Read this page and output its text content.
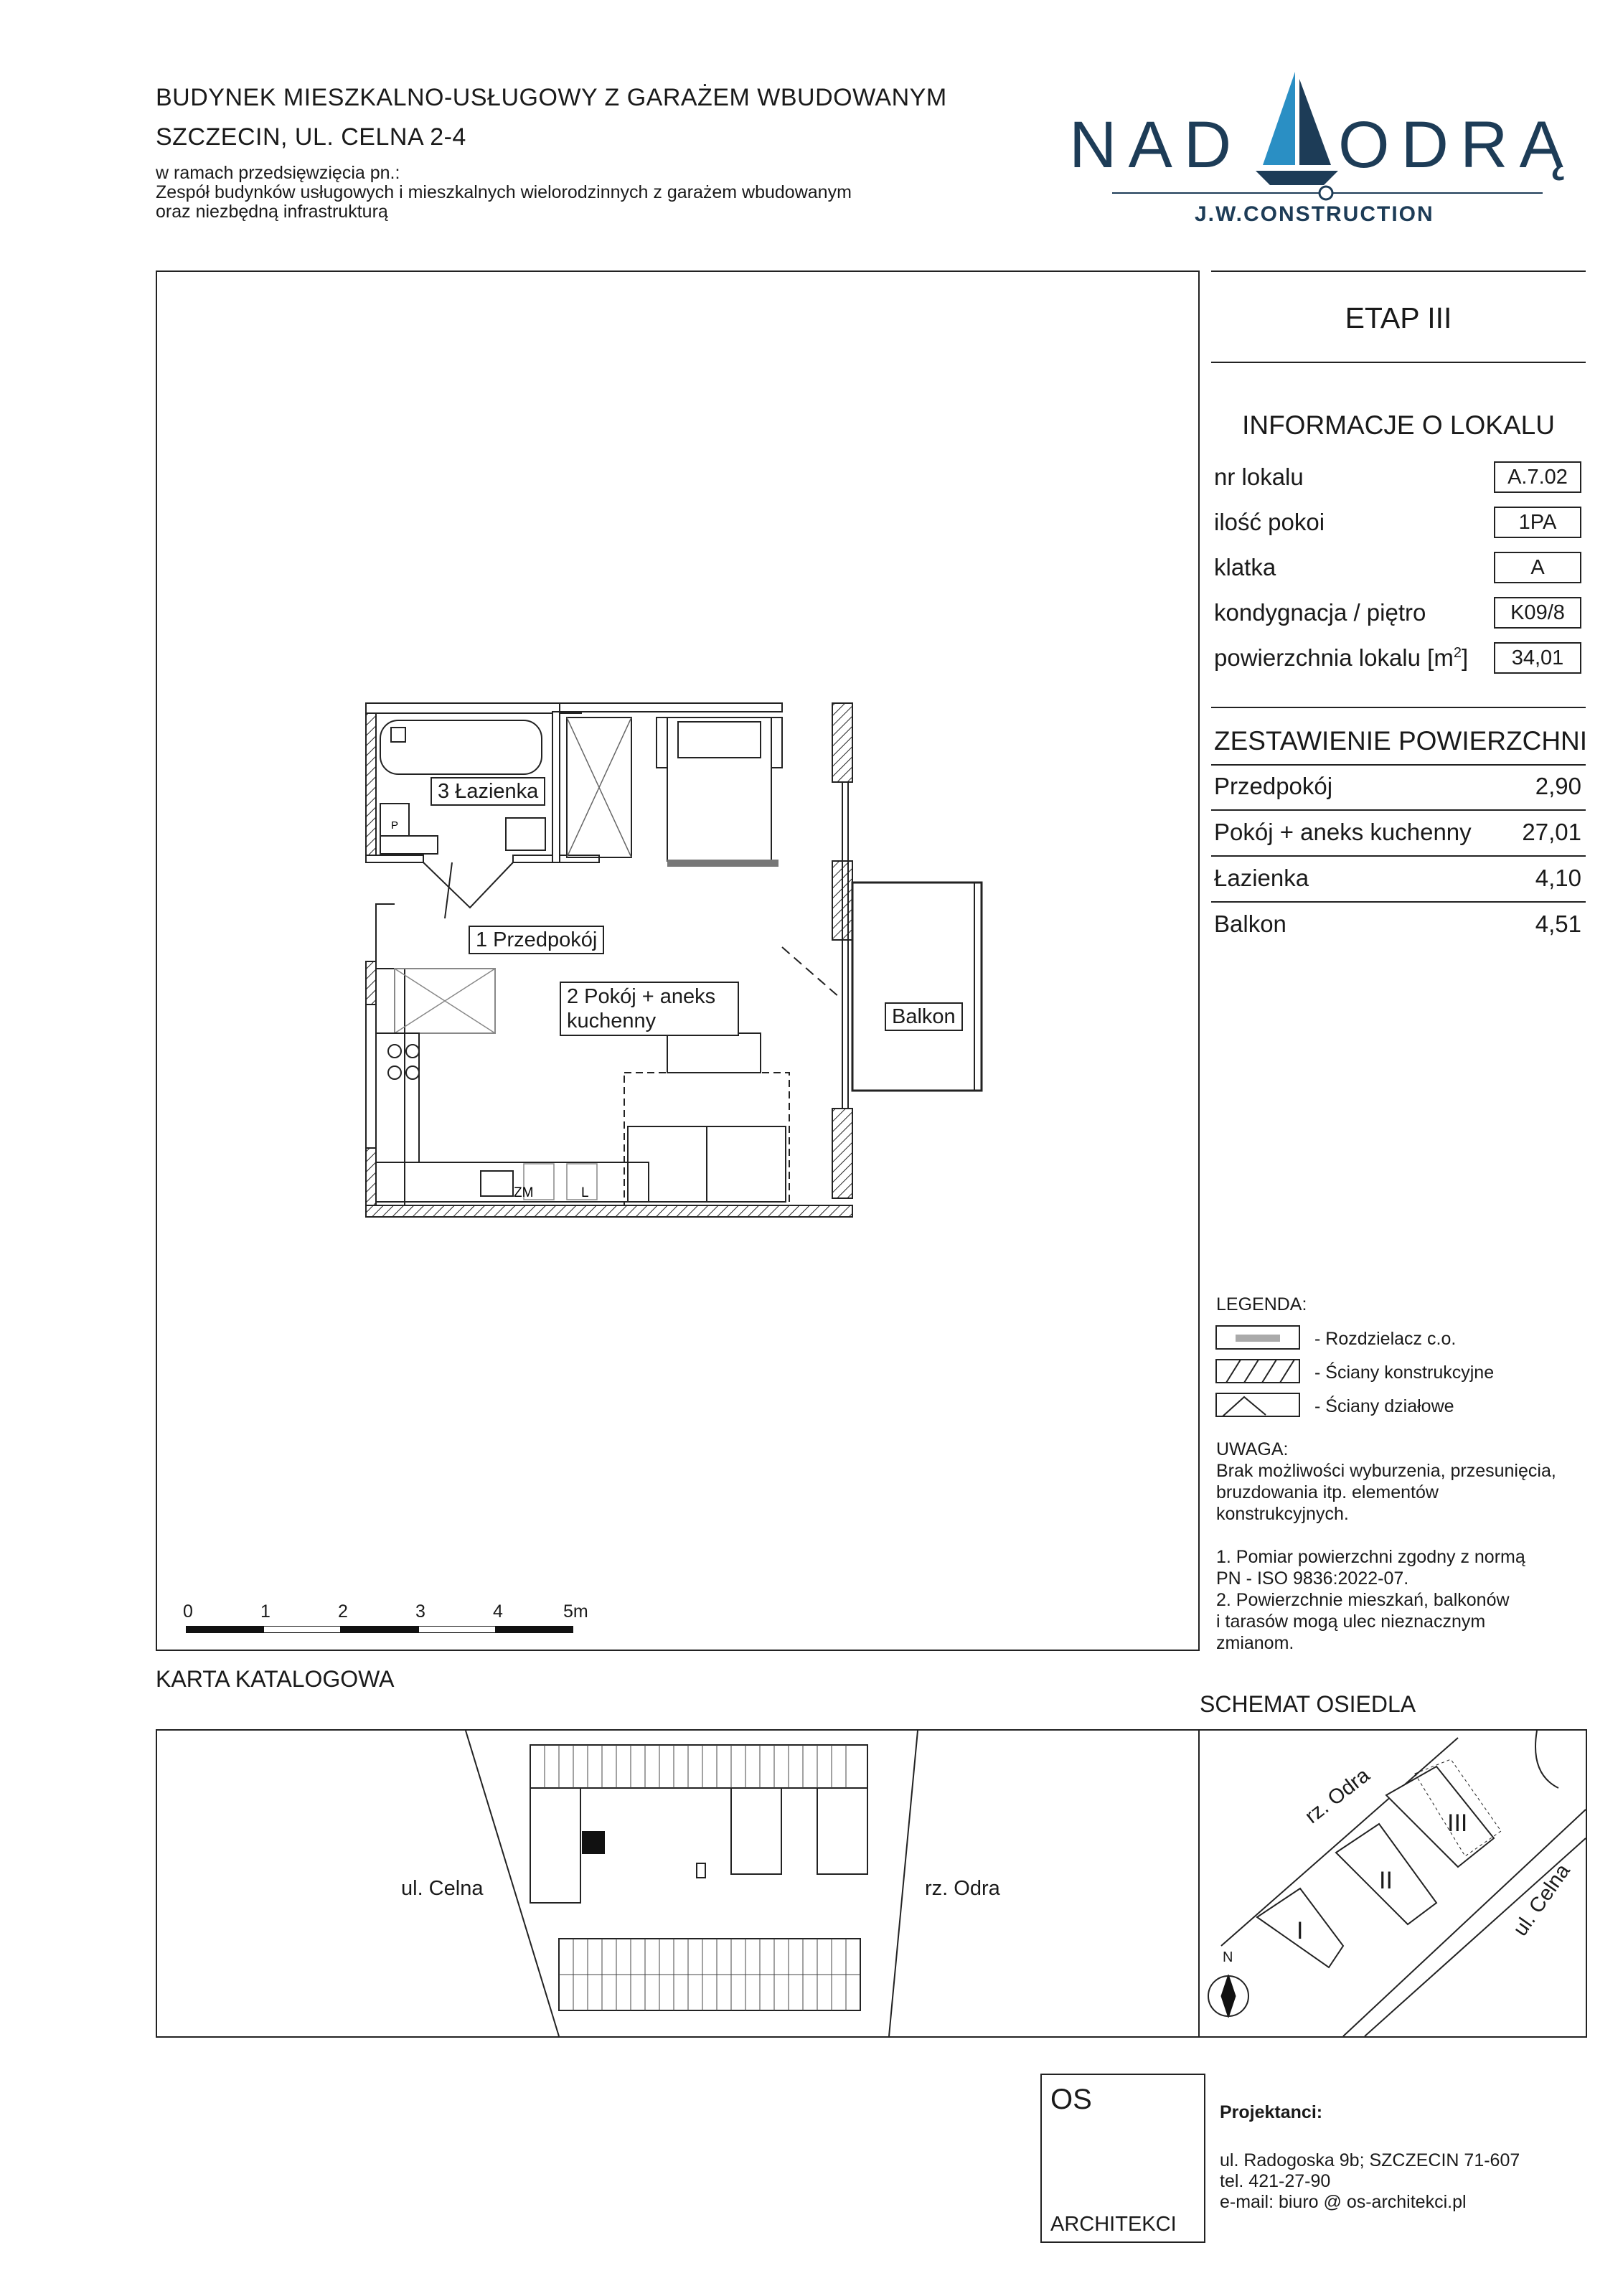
BUDYNEK MIESZKALNO-USŁUGOWY Z GARAŻEM WBUDOWANYM
SZCZECIN, UL. CELNA 2-4
w ramach przedsięwzięcia pn.:
Zespół budynków usługowych i mieszkalnych wielorodzinnych z garażem wbudowanym
oraz niezbędną infrastrukturą
NAD ODRĄ
J.W.CONSTRUCTION
ZM	L
P
3 Łazienka
1 Przedpokój
2 Pokój + aneks
kuchenny	Balkon
0	1	2	3	4	5m
ETAP III
INFORMACJE O LOKALU
nr lokalu	A.7.02
ilość pokoi	1PA
klatka	A
kondygnacja / piętro	K09/8
powierzchnia lokalu $[m^2]$	34,01
ZESTAWIENIE POWIERZCHNI
Przedpokój	2,90
Pokój + aneks kuchenny 27,01
Łazienka	4,10
Balkon	4,51
LEGENDA:
- Rozdzielacz c.o.
- Ściany konstrukcyjne
- Ściany działowe
UWAGA:
Brak możliwości wyburzenia, przesunięcia,
bruzdowania itp. elementów
konstrukcyjnych.
1. Pomiar powierzchni zgodny z normą
PN - ISO 9836:2022-07.
2. Powierzchnie mieszkań, balkonów
i tarasów mogą ulec nieznacznym
zmianom.
KARTA KATALOGOWA
SCHEMAT OSIEDLA
ul. Celna	rz. Odra
rz. Odra
ul. Celna
I
II
III
N
OS
ARCHITEKCI
Projektanci:
ul. Radogoska 9b; SZCZECIN 71-607
tel. 421-27-90
e-mail: biuro @ os-architekci.pl
